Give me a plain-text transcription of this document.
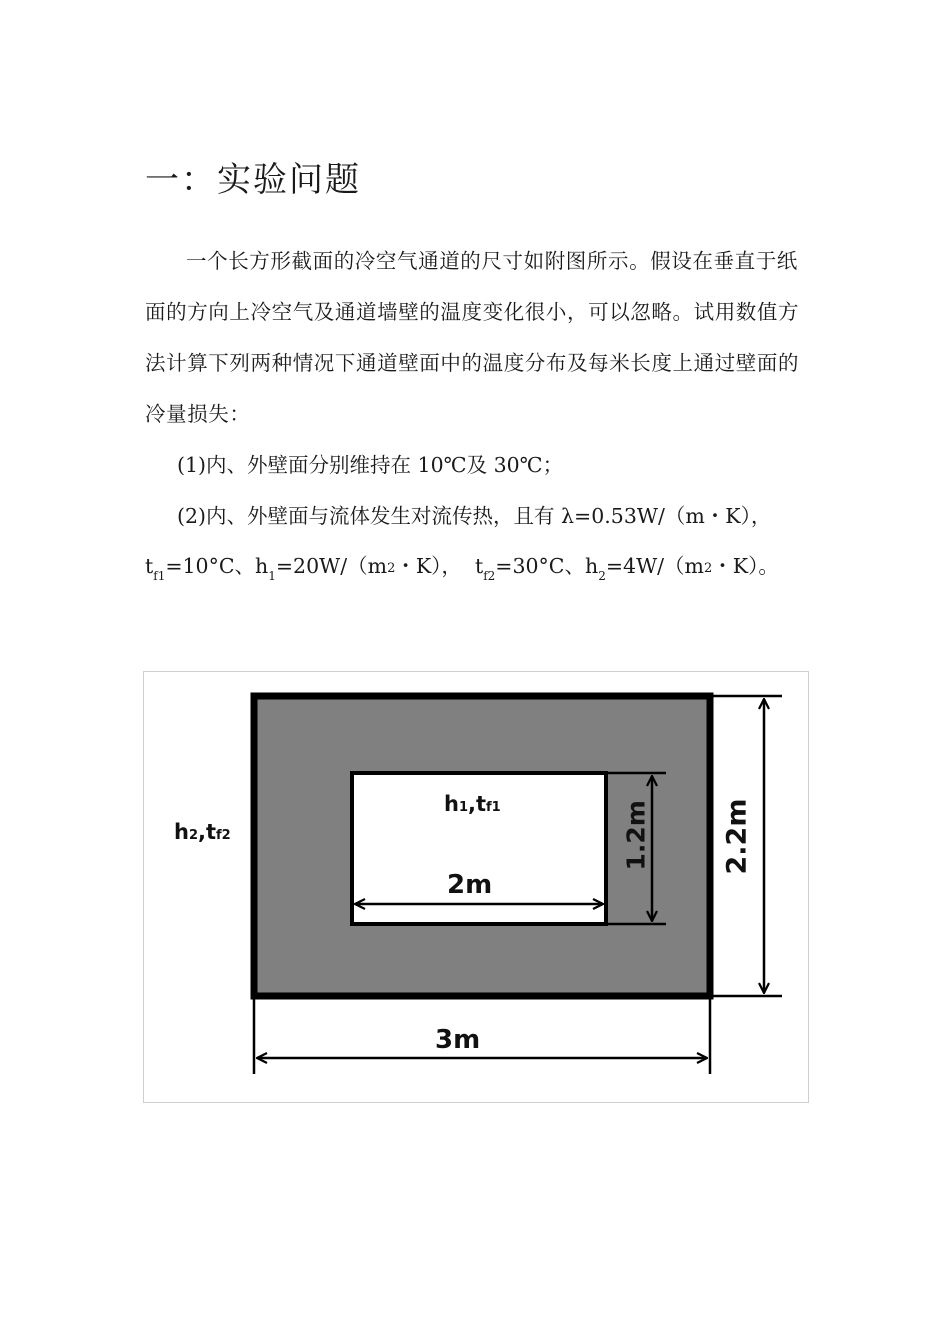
一：实验问题
一个长方形截面的冷空气通道的尺寸如附图所示。假设在垂直于纸面的方向上冷空气及通道墙壁的温度变化很小，可以忽略。试用数值方法计算下列两种情况下通道壁面中的温度分布及每米长度上通过壁面的冷量损失：
(1)内、外壁面分别维持在 10℃及 30℃；
(2)内、外壁面与流体发生对流传热，且有 λ=0.53W/（m・K），
$t_{f1}=10^\circ C$、$h_1=20W/(m2$・K）， $t_{f2}=30^\circ C$、$h_2=4W/(m2$・K）。
h2,tf2
h1,tf1
2m
1.2m	2.2m
3m
